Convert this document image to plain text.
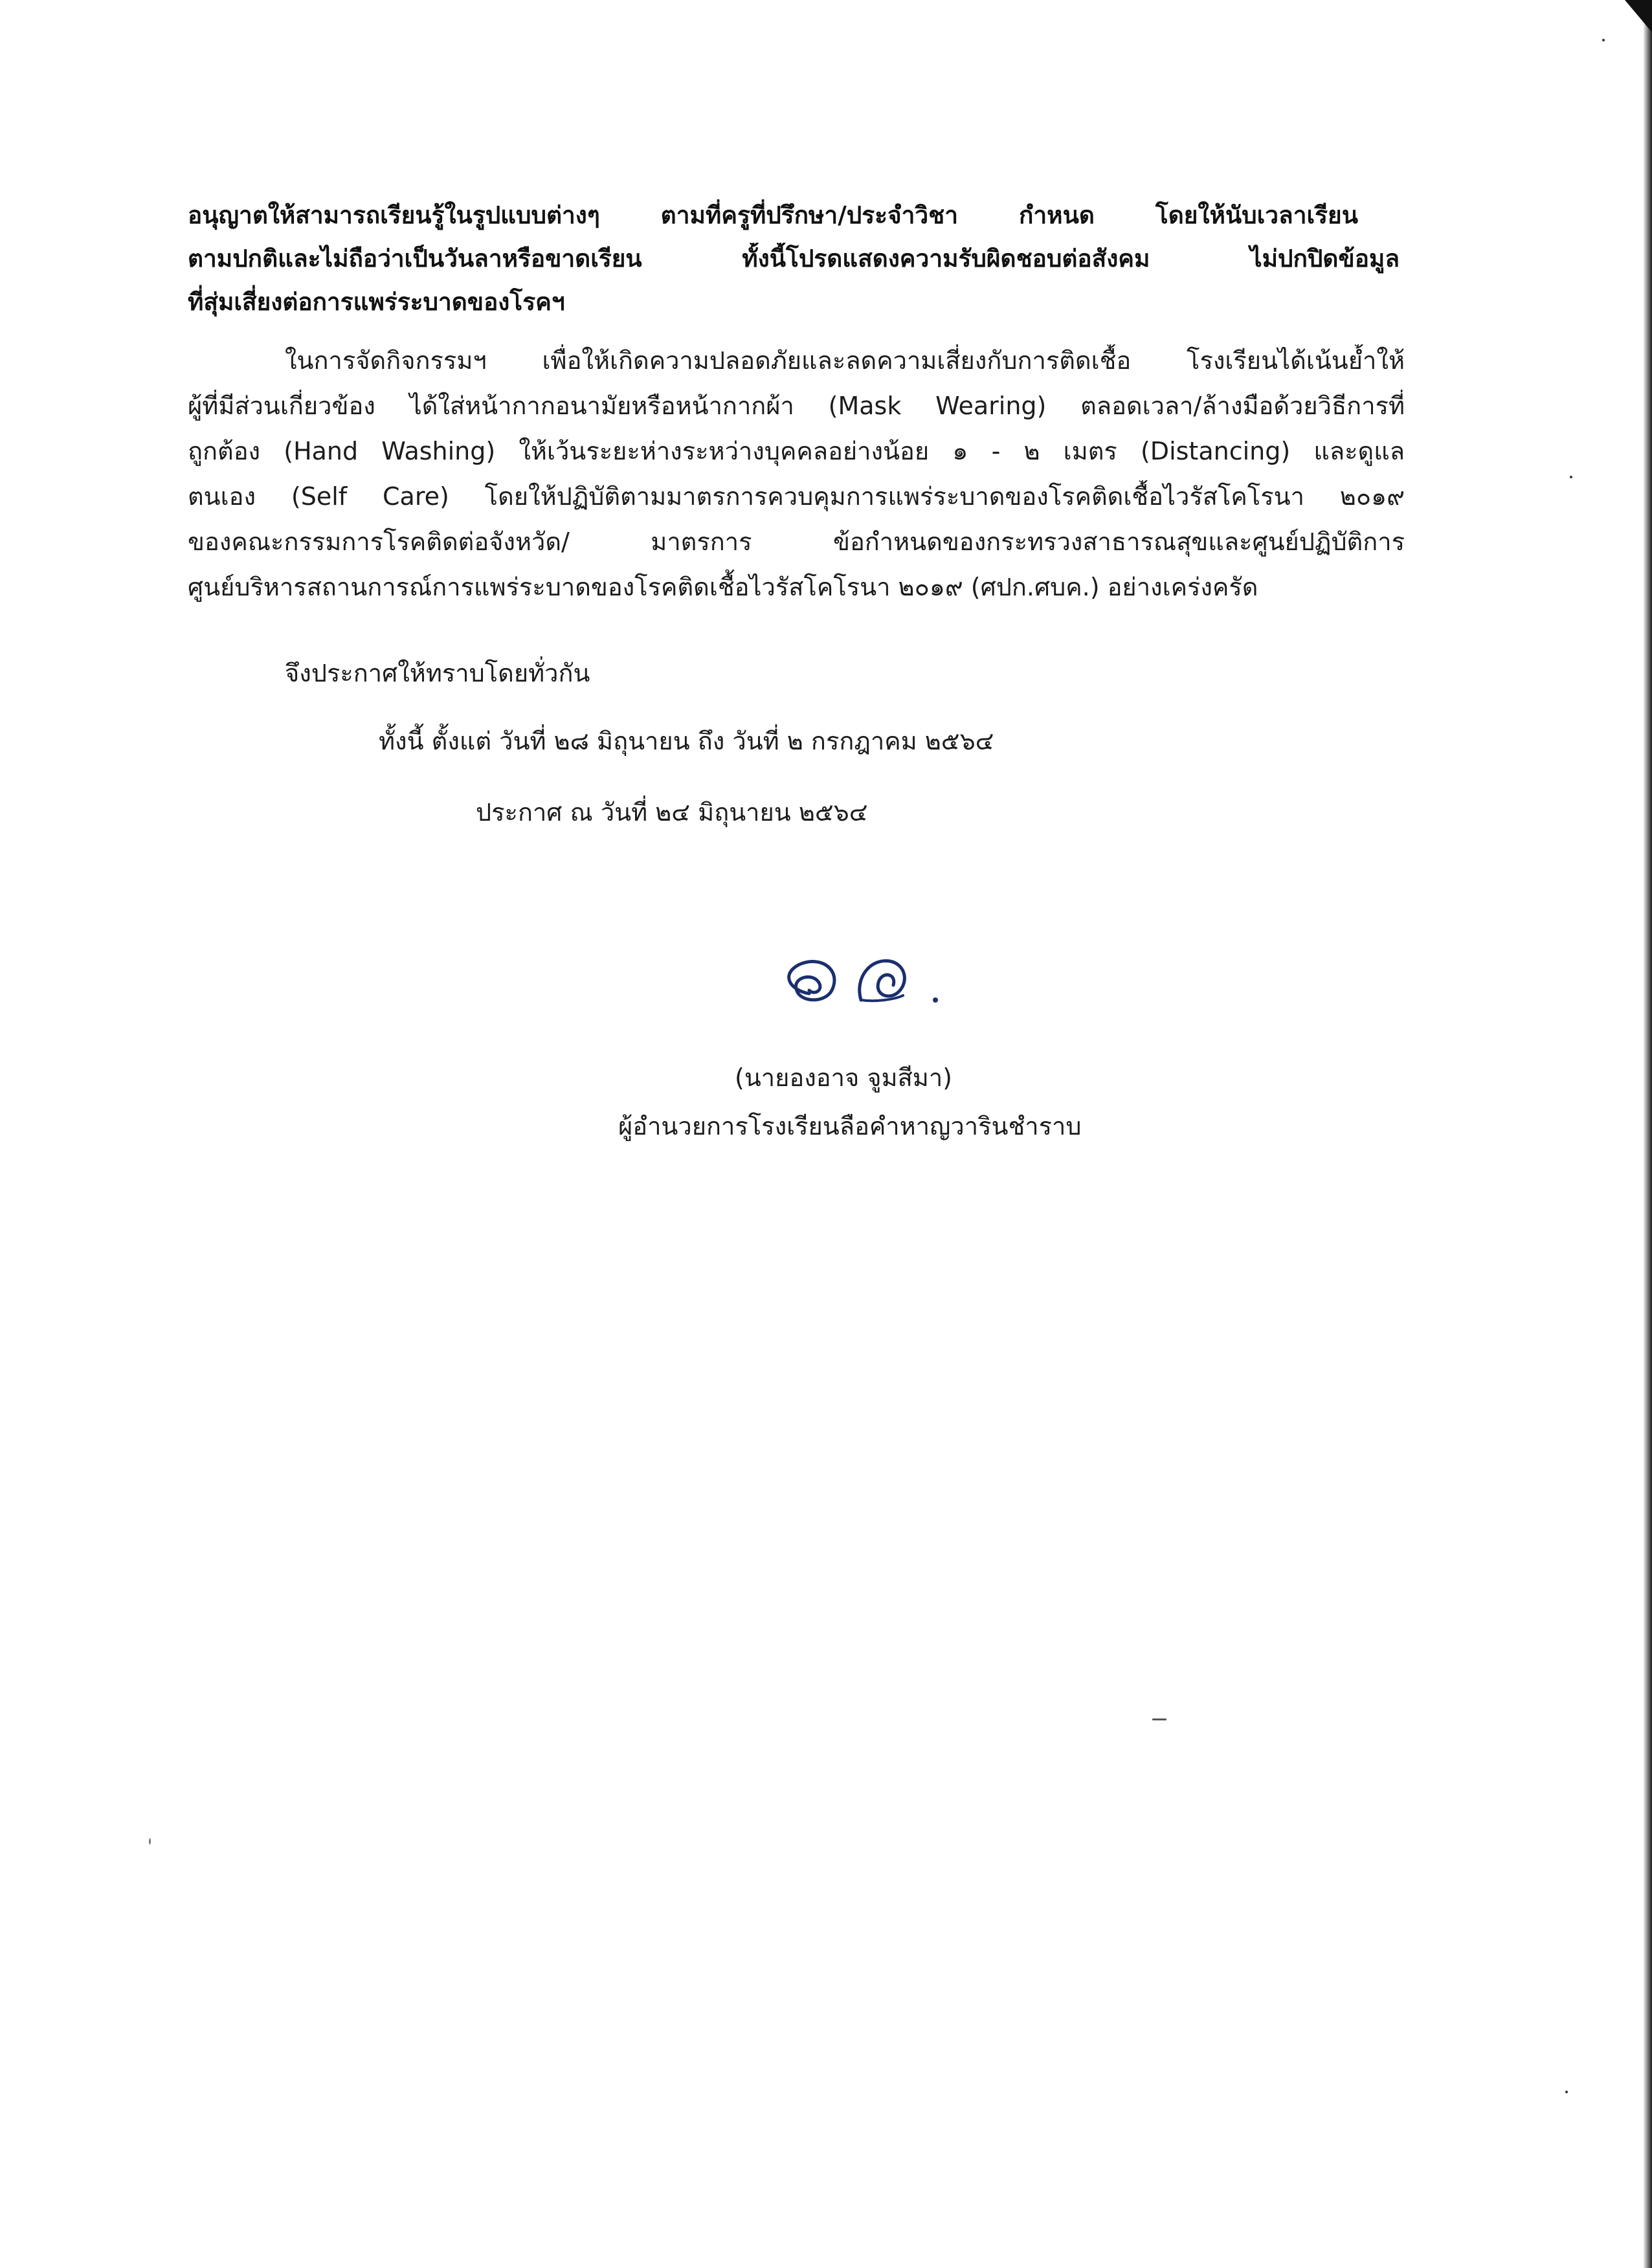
อนุญาตให้สามารถเรียนรู้ในรูปแบบต่างๆ ตามที่ครูที่ปรึกษา/ประจำวิชา กำหนด โดยให้นับเวลาเรียน
ตามปกติและไม่ถือว่าเป็นวันลาหรือขาดเรียน ทั้งนี้โปรดแสดงความรับผิดชอบต่อสังคม ไม่ปกปิดข้อมูล
ที่สุ่มเสี่ยงต่อการแพร่ระบาดของโรคฯ
ในการจัดกิจกรรมฯ เพื่อให้เกิดความปลอดภัยและลดความเสี่ยงกับการติดเชื้อ โรงเรียนได้เน้นย้ำให้
ผู้ที่มีส่วนเกี่ยวข้อง ได้ใส่หน้ากากอนามัยหรือหน้ากากผ้า (Mask Wearing) ตลอดเวลา/ล้างมือด้วยวิธีการที่
ถูกต้อง (Hand Washing) ให้เว้นระยะห่างระหว่างบุคคลอย่างน้อย ๑ - ๒ เมตร (Distancing) และดูแล
ตนเอง (Self Care) โดยให้ปฏิบัติตามมาตรการควบคุมการแพร่ระบาดของโรคติดเชื้อไวรัสโคโรนา ๒๐๑๙
ของคณะกรรมการโรคติดต่อจังหวัด/ มาตรการ ข้อกำหนดของกระทรวงสาธารณสุขและศูนย์ปฏิบัติการ
ศูนย์บริหารสถานการณ์การแพร่ระบาดของโรคติดเชื้อไวรัสโคโรนา ๒๐๑๙ (ศปก.ศบค.) อย่างเคร่งครัด
จึงประกาศให้ทราบโดยทั่วกัน
ทั้งนี้ ตั้งแต่ วันที่ ๒๘ มิถุนายน ถึง วันที่ ๒ กรกฎาคม ๒๕๖๔
ประกาศ ณ วันที่ ๒๔ มิถุนายน ๒๕๖๔
(นายองอาจ จูมสีมา)
ผู้อำนวยการโรงเรียนลือคำหาญวารินชำราบ
